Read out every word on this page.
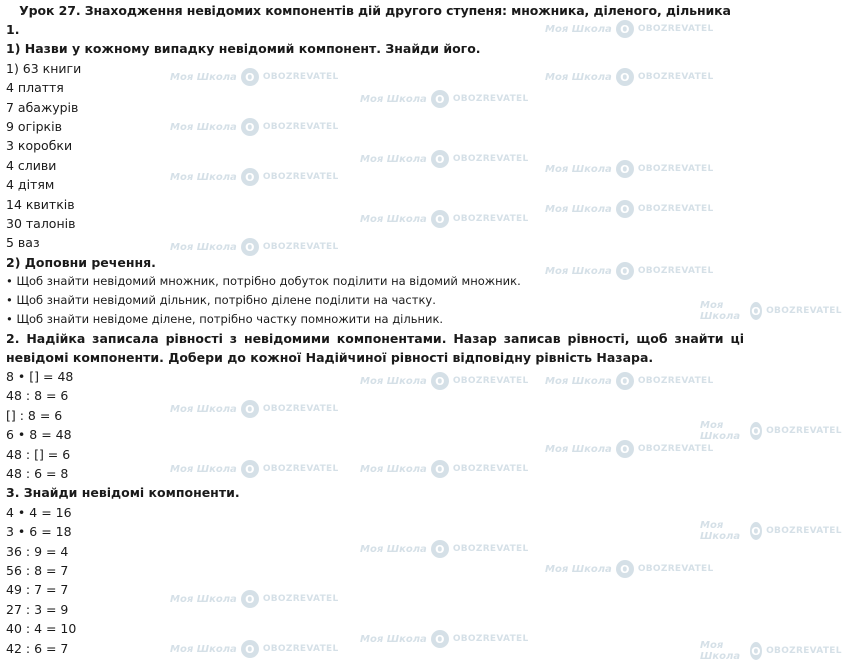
Урок 27. Знаходження невідомих компонентів дій другого ступеня: множника, діленого, дільника
1.
1) Назви у кожному випадку невідомий компонент. Знайди його.
1) 63 книги
4 плаття
7 абажурів
9 огірків
3 коробки
4 сливи
4 дітям
14 квитків
30 талонів
5 ваз
2) Доповни речення.
• Щоб знайти невідомий множник, потрібно добуток поділити на відомий множник.
• Щоб знайти невідомий дільник, потрібно ділене поділити на частку.
• Щоб знайти невідоме ділене, потрібно частку помножити на дільник.
2. Надійка записала рівності з невідомими компонентами. Назар записав рівності, щоб знайти ці невідомі компоненти. Добери до кожної Надійчиної рівності відповідну рівність Назара.
8 • [] = 48
48 : 8 = 6
[] : 8 = 6
6 • 8 = 48
48 : [] = 6
48 : 6 = 8
3. Знайди невідомі компоненти.
4 • 4 = 16
3 • 6 = 18
36 : 9 = 4
56 : 8 = 7
49 : 7 = 7
27 : 3 = 9
40 : 4 = 10
42 : 6 = 7
Моя Школа О OBOZREVATEL
Моя Школа О OBOZREVATEL	Моя Школа О OBOZREVATEL
Моя Школа О OBOZREVATEL
Моя Школа О OBOZREVATEL
Моя Школа О OBOZREVATEL
Моя Школа О OBOZREVATEL
Моя Школа О OBOZREVATEL
Моя Школа О OBOZREVATEL
Моя Школа О OBOZREVATEL
Моя Школа О OBOZREVATEL
Моя Школа О OBOZREVATEL
Моя Школа	О OBOZREVATEL
Моя Школа О OBOZREVATEL
Моя Школа О OBOZREVATEL Моя Школа О OBOZREVATEL
Моя Школа	О OBOZREVATEL
Моя Школа О OBOZREVATEL
Моя Школа О OBOZREVATEL
Моя Школа О OBOZREVATEL
Моя Школа	О OBOZREVATEL
Моя Школа О OBOZREVATEL
Моя Школа О OBOZREVATEL
Моя Школа О OBOZREVATEL
Моя Школа	О OBOZREVATEL
Моя Школа О OBOZREVATEL
Моя Школа О OBOZREVATEL
